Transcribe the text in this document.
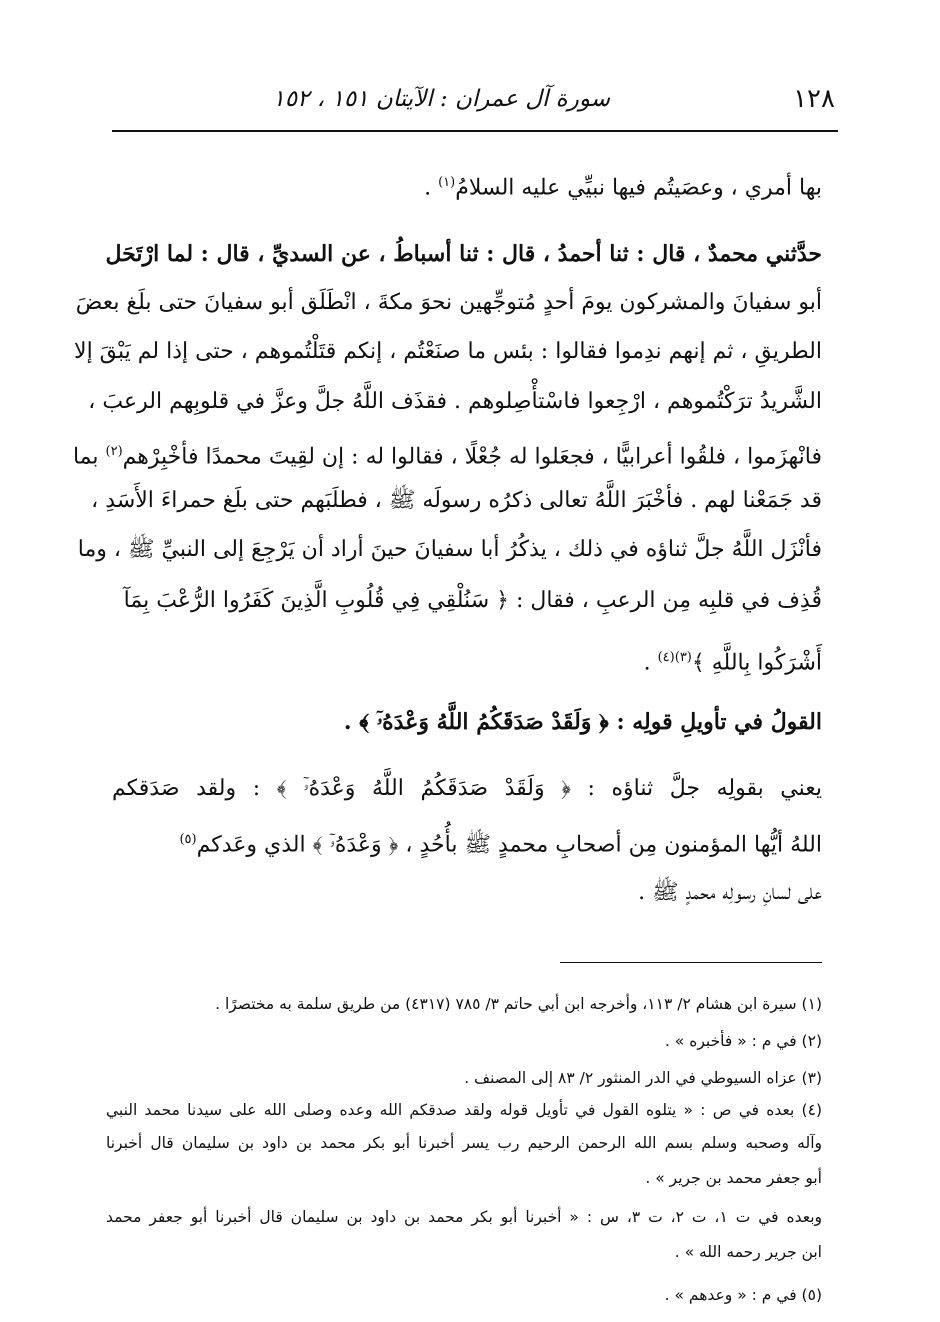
١٢٨
سورة آل عمران : الآيتان ١٥١ ، ١٥٢
بها أمري ، وعصَيتُم فيها نبيِّي عليه السلامُ$^{(١)}$ .
حدَّثني محمدٌ ، قال : ثنا أحمدُ ، قال : ثنا أسباطُ ، عن السديِّ ، قال : لما ارْتَحَل
أبو سفيانَ والمشركون يومَ أحدٍ مُتوجِّهين نحوَ مكةَ ، انْطَلَق أبو سفيانَ حتى بلَغ بعضَ
الطريقِ ، ثم إنهم ندِموا فقالوا : بئس ما صنَعْتُم ، إنكم قتَلْتُموهم ، حتى إذا لم يَبْقَ إلا
الشَّريدُ ترَكْتُموهم ، ارْجِعوا فاسْتأْصِلوهم . فقذَف اللَّهُ جلَّ وعزَّ في قلوبِهم الرعبَ ،
فانْهزَموا ، فلقُوا أعرابيًّا ، فجعَلوا له جُعْلًا ، فقالوا له : إن لقِيتَ محمدًا فأخْبِرْهم$^{(٢)}$ بما
قد جَمَعْنا لهم . فأخْبَرَ اللَّهُ تعالى ذكرُه رسولَه ﷺ ، فطلَبَهم حتى بلَغ حمراءَ الأَسَدِ ،
فأنْزَل اللَّهُ جلَّ ثناؤه في ذلك ، يذكُرُ أبا سفيانَ حينَ أراد أن يَرْجِعَ إلى النبيِّ ﷺ ، وما
قُذِف في قلبِه مِن الرعبِ ، فقال : ﴿ سَنُلْقِي فِي قُلُوبِ الَّذِينَ كَفَرُوا الرُّعْبَ بِمَآ
أَشْرَكُوا بِاللَّهِ ﴾$^{(٣)(٤)}$ .
القولُ في تأويلِ قولِه : ﴿ وَلَقَدْ صَدَقَكُمُ اللَّهُ وَعْدَهُۥٓ ﴾ .
يعني بقولِه جلَّ ثناؤه : ﴿ وَلَقَدْ صَدَقَكُمُ اللَّهُ وَعْدَهُۥٓ ﴾ : ولقد صَدَقكم
اللهُ أيُّها المؤمنون مِن أصحابِ محمدٍ ﷺ بأُحُدٍ ، ﴿ وَعْدَهُۥٓ ﴾ الذي وعَدكم$^{(٥)}$
على لسانِ رسولِه محمدٍ ﷺ .
(١) سيرة ابن هشام ٢/ ١١٣، وأخرجه ابن أبي حاتم ٣/ ٧٨٥ (٤٣١٧) من طريق سلمة به مختصرًا .
(٢) في م : « فأخبره » .
(٣) عزاه السيوطي في الدر المنثور ٢/ ٨٣ إلى المصنف .
(٤) بعده في ص : « يتلوه القول في تأويل قوله ولقد صدقكم الله وعده وصلى الله على سيدنا محمد النبي
وآله وصحبه وسلم بسم الله الرحمن الرحيم رب يسر أخبرنا أبو بكر محمد بن داود بن سليمان قال أخبرنا
أبو جعفر محمد بن جرير » .
وبعده في ت ١، ت ٢، ت ٣، س : « أخبرنا أبو بكر محمد بن داود بن سليمان قال أخبرنا أبو جعفر محمد
ابن جرير رحمه الله » .
(٥) في م : « وعدهم » .
